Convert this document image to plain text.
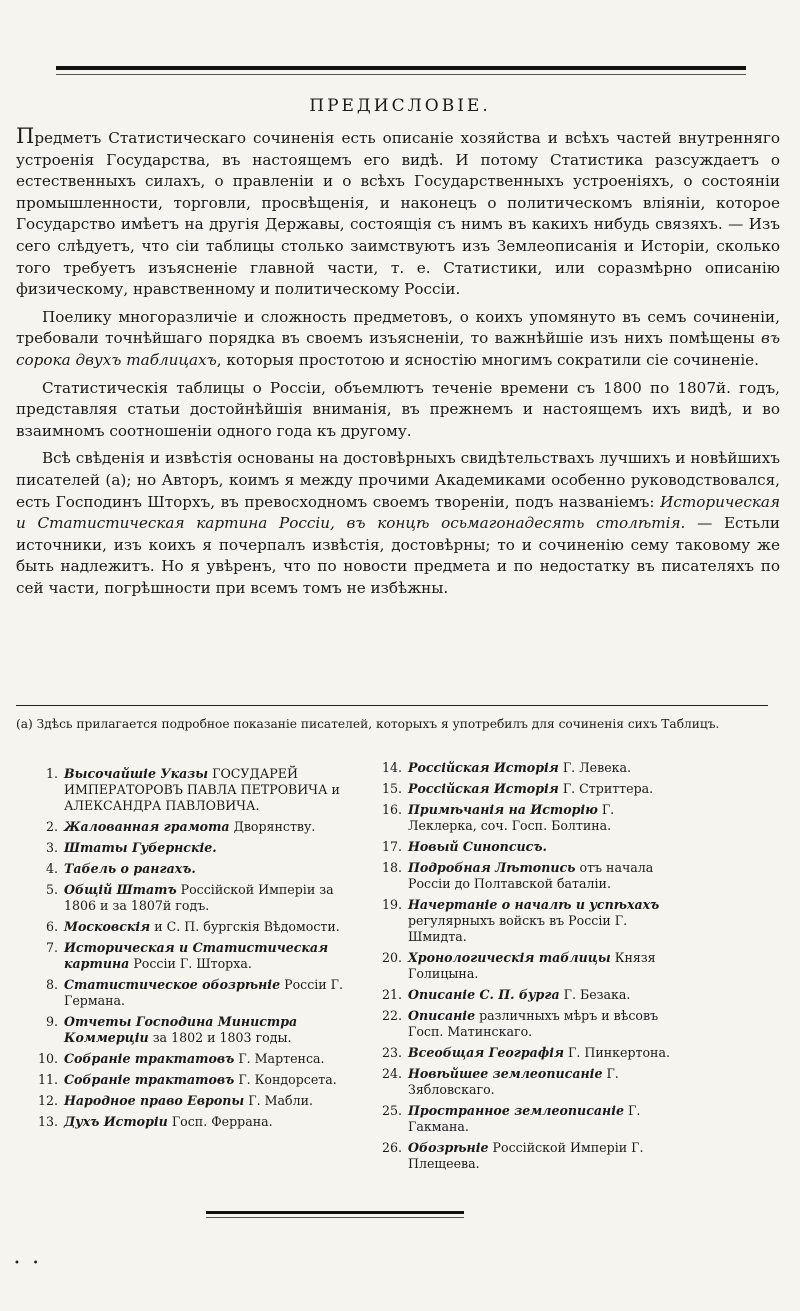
ПРЕДИСЛОВІЕ.

Предметъ Статистическаго сочиненія есть описаніе хозяйства и всѣхъ частей внутренняго устроенія Государства, въ настоящемъ его видѣ. И потому Статистика разсуждаетъ о естественныхъ силахъ, о правленіи и о всѣхъ Государственныхъ устроеніяхъ, о состояніи промышленности, торговли, просвѣщенія, и наконецъ о политическомъ вліяніи, которое Государство имѣетъ на другія Державы, состоящія съ нимъ въ какихъ нибудь связяхъ. — Изъ сего слѣдуетъ, что сіи таблицы столько заимствуютъ изъ Землеописанія и Исторіи, сколько того требуетъ изъясненіе главной части, т. е. Статистики, или соразмѣрно описанію физическому, нравственному и политическому Россіи.

Поелику многоразличіе и сложность предметовъ, о коихъ упомянуто въ семъ сочиненіи, требовали точнѣйшаго порядка въ своемъ изъясненіи, то важнѣйшіе изъ нихъ помѣщены въ сорока двухъ таблицахъ, которыя простотою и ясностію многимъ сократили сіе сочиненіе.

Статистическія таблицы о Россіи, объемлютъ теченіе времени съ 1800 по 1807й. годъ, представляя статьи достойнѣйшія вниманія, въ прежнемъ и настоящемъ ихъ видѣ, и во взаимномъ соотношеніи одного года къ другому.

Всѣ свѣденія и извѣстія основаны на достовѣрныхъ свидѣтельствахъ лучшихъ и новѣйшихъ писателей (а); но Авторъ, коимъ я между прочими Академиками особенно руководствовался, есть Господинъ Шторхъ, въ превосходномъ своемъ твореніи, подъ названіемъ: Историческая и Статистическая картина Россіи, въ концѣ осьмагонадесять столѣтія. — Естьли источники, изъ коихъ я почерпалъ извѣстія, достовѣрны; то и сочиненію сему таковому же быть надлежитъ. Но я увѣренъ, что по новости предмета и по недостатку въ писателяхъ по сей части, погрѣшности при всемъ томъ не избѣжны.

(а) Здѣсь прилагается подробное показаніе писателей, которыхъ я употребилъ для сочиненія сихъ Таблицъ.
1. Высочайшіе Указы ГОСУДАРЕЙ ИМПЕРАТОРОВЪ ПАВЛА ПЕТРОВИЧА и АЛЕКСАНДРА ПАВЛОВИЧА.
2. Жалованная грамота Дворянству.
3. Штаты Губернскіе.
4. Табель о рангахъ.
5. Общій Штатъ Россійской Имперіи за 1806 и за 1807й годъ.
6. Московскія и С. П. бургскія Вѣдомости.
7. Историческая и Статистическая картина Россіи Г. Шторха.
8. Статистическое обозрѣніе Россіи Г. Германа.
9. Отчеты Господина Министра Коммерціи за 1802 и 1803 годы.
10. Собраніе трактатовъ Г. Мартенса.
11. Собраніе трактатовъ Г. Кондорсета.
12. Народное право Европы Г. Мабли.
13. Духъ Исторіи Госп. Феррана.
14. Россійская Исторія Г. Левека.
15. Россійская Исторія Г. Стриттера.
16. Примѣчанія на Исторію Г. Леклерка, соч. Госп. Болтина.
17. Новый Синопсисъ.
18. Подробная Лѣтопись отъ начала Россіи до Полтавской баталіи.
19. Начертаніе о началѣ и успѣхахъ регулярныхъ войскъ въ Россіи Г. Шмидта.
20. Хронологическія таблицы Князя Голицына.
21. Описаніе С. П. бурга Г. Безака.
22. Описаніе различныхъ мѣръ и вѣсовъ Госп. Матинскаго.
23. Всеобщая Географія Г. Пинкертона.
24. Новѣйшее землеописаніе Г. Зябловскаго.
25. Пространное землеописаніе Г. Гакмана.
26. Обозрѣніе Россійской Имперіи Г. Плещеева.
•    •
